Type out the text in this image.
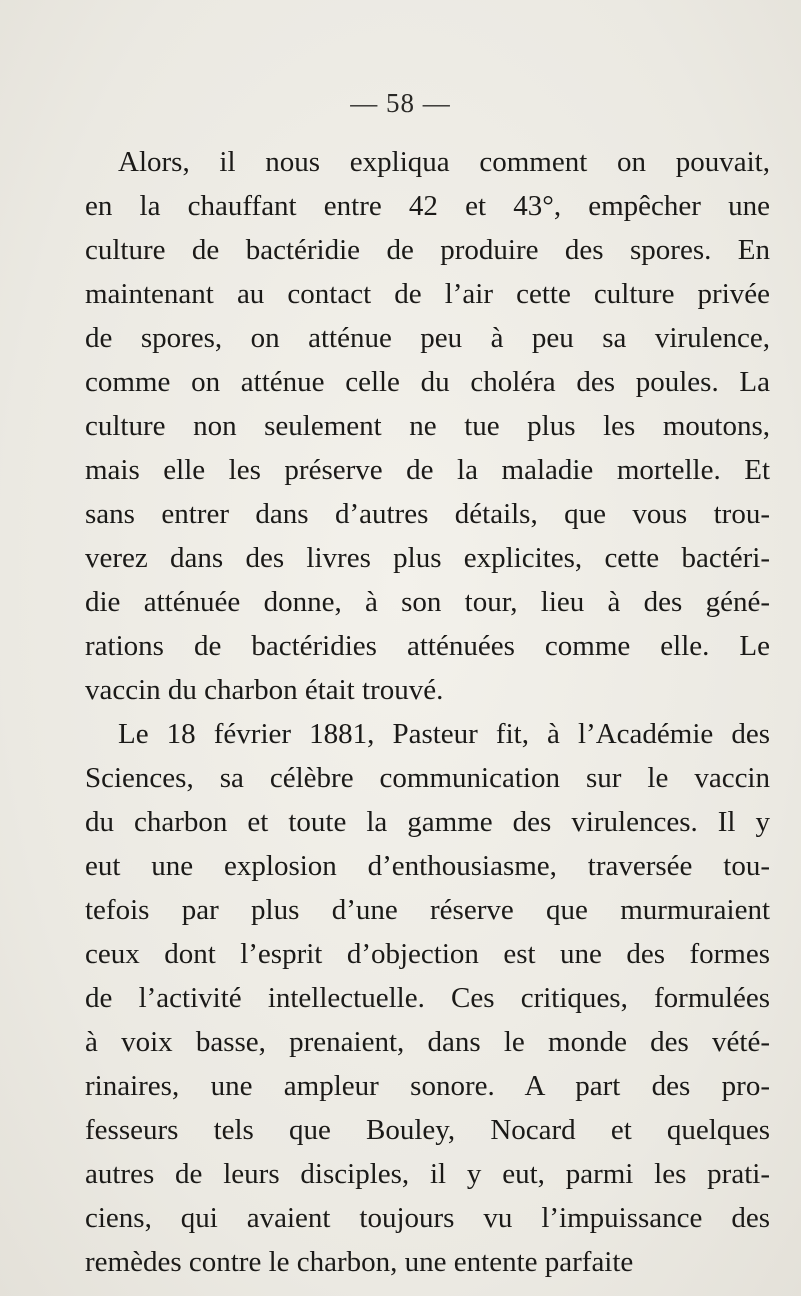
— 58 —
Alors, il nous expliqua comment on pouvait,
en la chauffant entre 42 et 43°, empêcher une
culture de bactéridie de produire des spores. En
maintenant au contact de l’air cette culture privée
de spores, on atténue peu à peu sa virulence,
comme on atténue celle du choléra des poules. La
culture non seulement ne tue plus les moutons,
mais elle les préserve de la maladie mortelle. Et
sans entrer dans d’autres détails, que vous trou-
verez dans des livres plus explicites, cette bactéri-
die atténuée donne, à son tour, lieu à des géné-
rations de bactéridies atténuées comme elle. Le
vaccin du charbon était trouvé.
Le 18 février 1881, Pasteur fit, à l’Académie des
Sciences, sa célèbre communication sur le vaccin
du charbon et toute la gamme des virulences. Il y
eut une explosion d’enthousiasme, traversée tou-
tefois par plus d’une réserve que murmuraient
ceux dont l’esprit d’objection est une des formes
de l’activité intellectuelle. Ces critiques, formulées
à voix basse, prenaient, dans le monde des vété-
rinaires, une ampleur sonore. A part des pro-
fesseurs tels que Bouley, Nocard et quelques
autres de leurs disciples, il y eut, parmi les prati-
ciens, qui avaient toujours vu l’impuissance des
remèdes contre le charbon, une entente parfaite
